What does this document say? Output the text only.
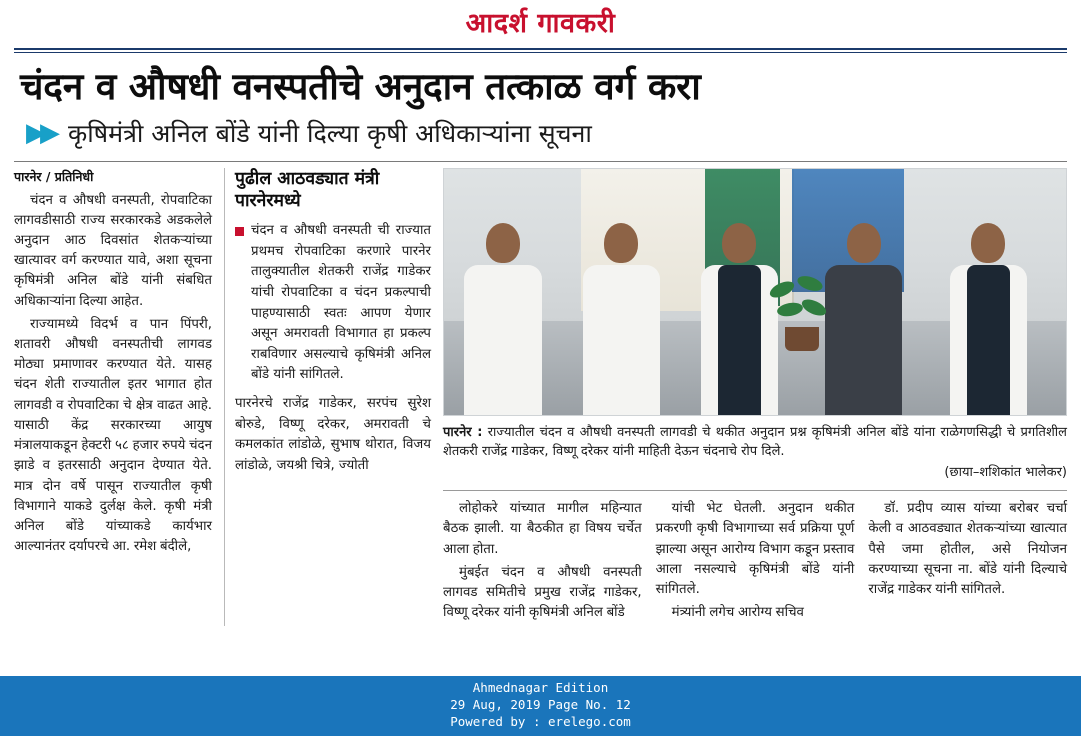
आदर्श गावकरी
चंदन व औषधी वनस्पतीचे अनुदान तत्काळ वर्ग करा
▶▶ कृषिमंत्री अनिल बोंडे यांनी दिल्या कृषी अधिकाऱ्यांना सूचना
पारनेर / प्रतिनिधी

चंदन व औषधी वनस्पती, रोपवाटिका लागवडीसाठी राज्य सरकारकडे अडकलेले अनुदान आठ दिवसांत शेतकऱ्यांच्या खात्यावर वर्ग करण्यात यावे, अशा सूचना कृषिमंत्री अनिल बोंडे यांनी संबधित अधिकाऱ्यांना दिल्या आहेत.

राज्यामध्ये विदर्भ व पान पिंपरी, शतावरी औषधी वनस्पतीची लागवड मोठ्या प्रमाणावर करण्यात येते. यासह चंदन शेती राज्यातील इतर भागात होत लागवडी व रोपवाटिका चे क्षेत्र वाढत आहे. यासाठी केंद्र सरकारच्या आयुष मंत्रालयाकडून हेक्टरी ५८ हजार रुपये चंदन झाडे व इतरसाठी अनुदान देण्यात येते. मात्र दोन वर्षे पासून राज्यातील कृषी विभागाने याकडे दुर्लक्ष केले. कृषी मंत्री अनिल बोंडे यांच्याकडे कार्यभार आल्यानंतर दर्यापरचे आ. रमेश बंदीले,

पुढील आठवड्यात मंत्री पारनेरमध्ये
चंदन व औषधी वनस्पती ची राज्यात प्रथमच रोपवाटिका करणारे पारनेर तालुक्यातील शेतकरी राजेंद्र गाडेकर यांची रोपवाटिका व चंदन प्रकल्पाची पाहण्यासाठी स्वतः आपण येणार असून अमरावती विभागात हा प्रकल्प राबविणार असल्याचे कृषिमंत्री अनिल बोंडे यांनी सांगितले.
पारनेरचे राजेंद्र गाडेकर, सरपंच सुरेश बोरुडे, विष्णू दरेकर, अमरावती चे कमलकांत लांडोळे, सुभाष थोरात, विजय लांडोळे, जयश्री चित्रे, ज्योती
पारनेर : राज्यातील चंदन व औषधी वनस्पती लागवडी चे थकीत अनुदान प्रश्न कृषिमंत्री अनिल बोंडे यांना राळेगणसिद्धी चे प्रगतिशील शेतकरी राजेंद्र गाडेकर, विष्णू दरेकर यांनी माहिती देऊन चंदनाचे रोप दिले.
(छाया–शशिकांत भालेकर)

लोहोकरे यांच्यात मागील महिन्यात बैठक झाली. या बैठकीत हा विषय चर्चेत आला होता.

मुंबईत चंदन व औषधी वनस्पती लागवड समितीचे प्रमुख राजेंद्र गाडेकर, विष्णू दरेकर यांनी कृषिमंत्री अनिल बोंडे

यांची भेट घेतली. अनुदान थकीत प्रकरणी कृषी विभागाच्या सर्व प्रक्रिया पूर्ण झाल्या असून आरोग्य विभाग कडून प्रस्ताव आला नसल्याचे कृषिमंत्री बोंडे यांनी सांगितले.

मंत्र्यांनी लगेच आरोग्य सचिव

डॉ. प्रदीप व्यास यांच्या बरोबर चर्चा केली व आठवड्यात शेतकऱ्यांच्या खात्यात पैसे जमा होतील, असे नियोजन करण्याच्या सूचना ना. बोंडे यांनी दिल्याचे राजेंद्र गाडेकर यांनी सांगितले.

Ahmednagar Edition
29 Aug, 2019 Page No. 12
Powered by : erelego.com
